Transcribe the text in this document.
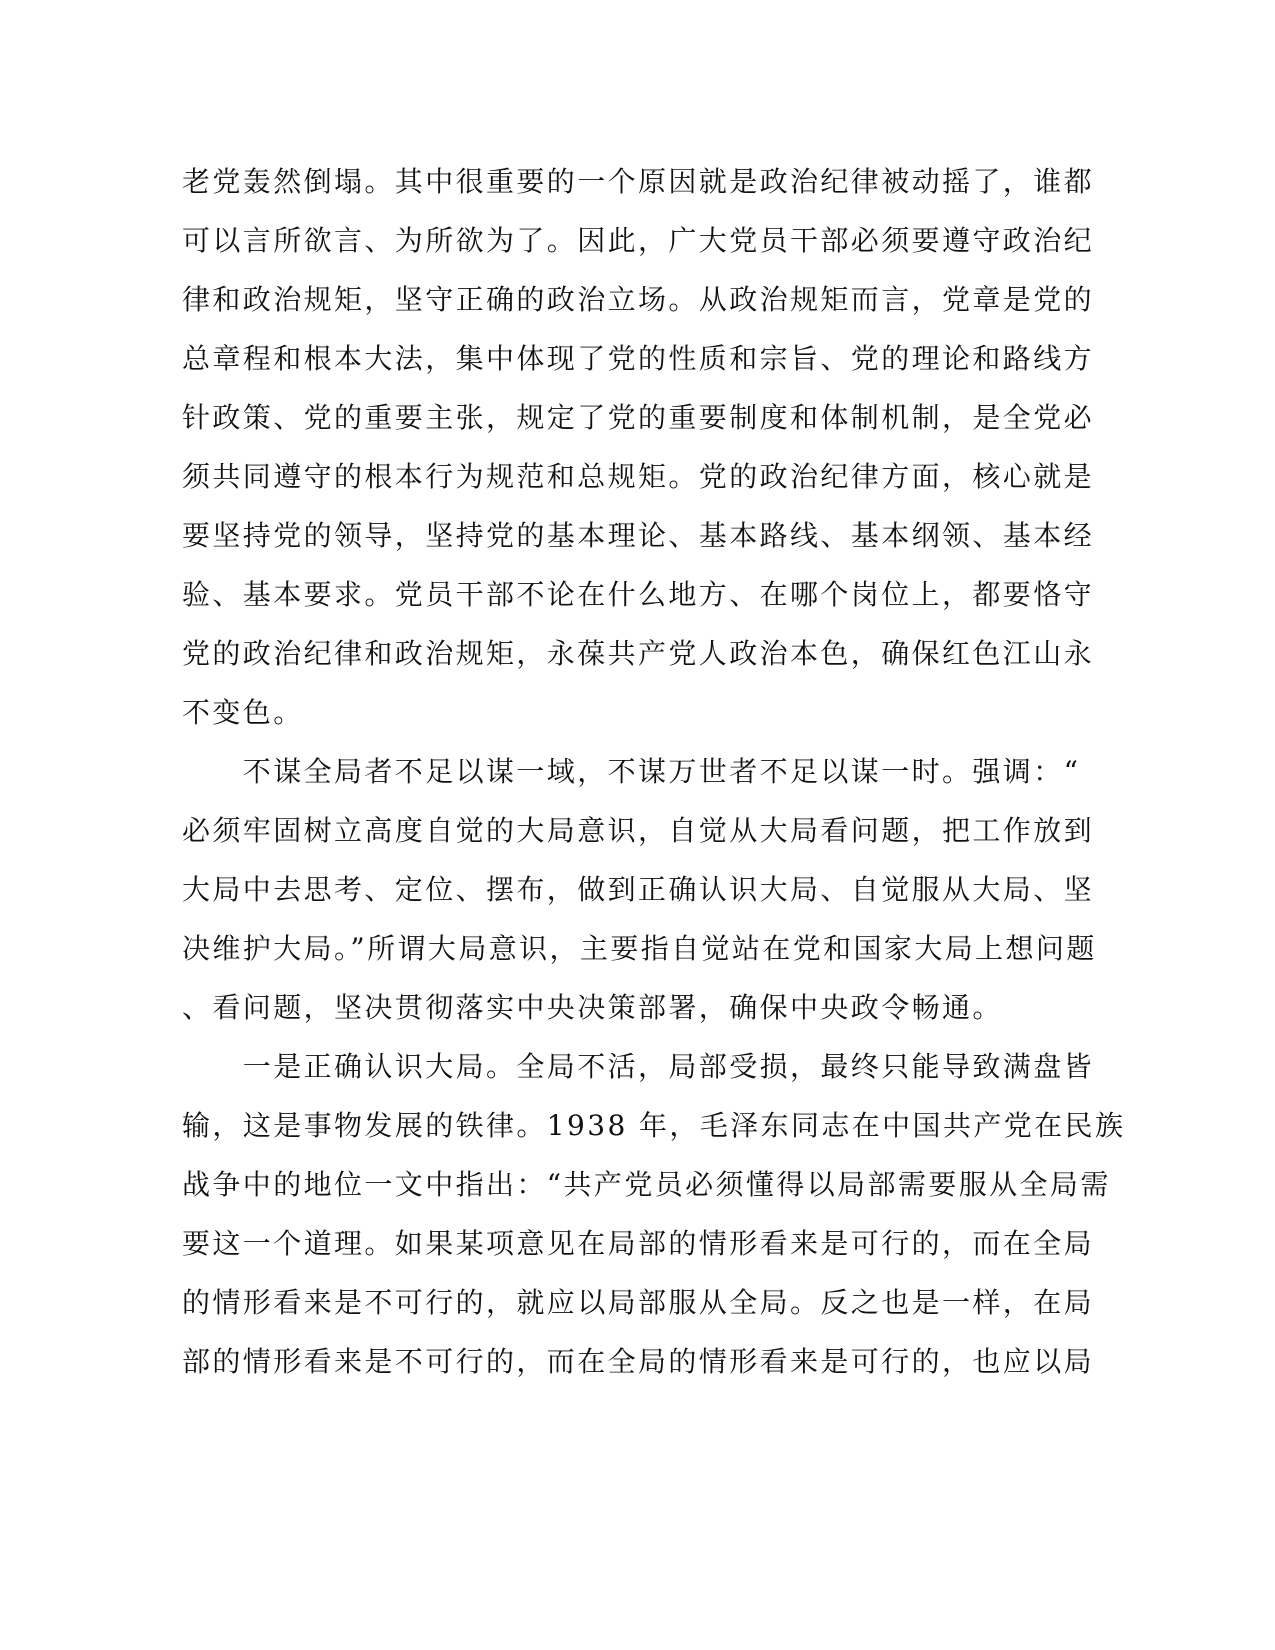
老党轰然倒塌。其中很重要的一个原因就是政治纪律被动摇了，谁都
可以言所欲言、为所欲为了。因此，广大党员干部必须要遵守政治纪
律和政治规矩，坚守正确的政治立场。从政治规矩而言，党章是党的
总章程和根本大法，集中体现了党的性质和宗旨、党的理论和路线方
针政策、党的重要主张，规定了党的重要制度和体制机制，是全党必
须共同遵守的根本行为规范和总规矩。党的政治纪律方面，核心就是
要坚持党的领导，坚持党的基本理论、基本路线、基本纲领、基本经
验、基本要求。党员干部不论在什么地方、在哪个岗位上，都要恪守
党的政治纪律和政治规矩，永葆共产党人政治本色，确保红色江山永
不变色。
　　不谋全局者不足以谋一域，不谋万世者不足以谋一时。强调：“
必须牢固树立高度自觉的大局意识，自觉从大局看问题，把工作放到
大局中去思考、定位、摆布，做到正确认识大局、自觉服从大局、坚
决维护大局。”所谓大局意识，主要指自觉站在党和国家大局上想问题
、看问题，坚决贯彻落实中央决策部署，确保中央政令畅通。
　　一是正确认识大局。全局不活，局部受损，最终只能导致满盘皆
输，这是事物发展的铁律。1938 年，毛泽东同志在中国共产党在民族
战争中的地位一文中指出：“共产党员必须懂得以局部需要服从全局需
要这一个道理。如果某项意见在局部的情形看来是可行的，而在全局
的情形看来是不可行的，就应以局部服从全局。反之也是一样，在局
部的情形看来是不可行的，而在全局的情形看来是可行的，也应以局
